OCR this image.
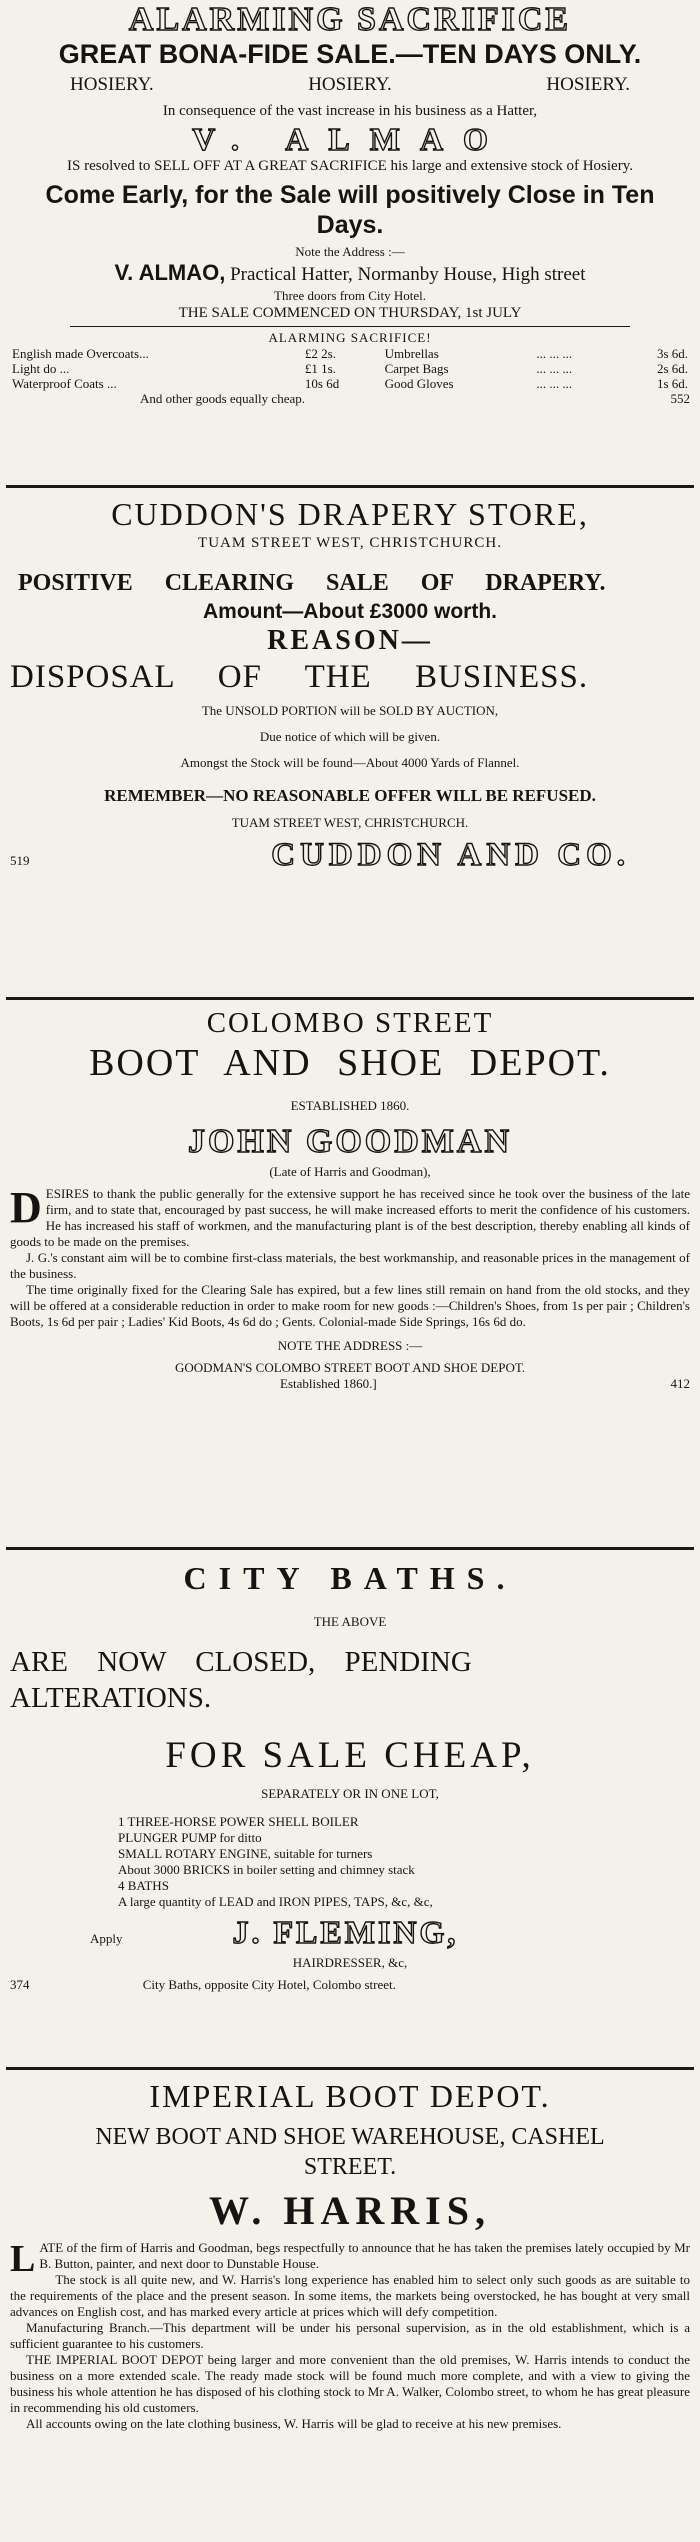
ALARMING SACRIFICE
GREAT BONA-FIDE SALE.—TEN DAYS ONLY.
HOSIERY.	HOSIERY.	HOSIERY.
In consequence of the vast increase in his business as a Hatter,
V. ALMAO
IS resolved to SELL OFF AT A GREAT SACRIFICE his large and extensive stock of Hosiery.
Come Early, for the Sale will positively Close in Ten Days.
Note the Address :—
V. ALMAO, Practical Hatter, Normanby House, High street
Three doors from City Hotel.
THE SALE COMMENCED ON THURSDAY, 1st JULY
ALARMING SACRIFICE!
English made Overcoats...	£2 2s.	Umbrellas	... ... ...	3s 6d.
Light do ...	£1 1s.	Carpet Bags	... ... ...	2s 6d.
Waterproof Coats ...	10s 6d	Good Gloves	... ... ...	1s 6d.
And other goods equally cheap.	552
CUDDON'S DRAPERY STORE,
TUAM STREET WEST, CHRISTCHURCH.
POSITIVE CLEARING SALE OF DRAPERY.
Amount—About £3000 worth.
REASON—
DISPOSAL OF THE BUSINESS.
The UNSOLD PORTION will be SOLD BY AUCTION,
Due notice of which will be given.
Amongst the Stock will be found—About 4000 Yards of Flannel.
REMEMBER—NO REASONABLE OFFER WILL BE REFUSED.
TUAM STREET WEST, CHRISTCHURCH.
519	CUDDON AND CO.
COLOMBO STREET
BOOT AND SHOE DEPOT.
ESTABLISHED 1860.
JOHN GOODMAN
(Late of Harris and Goodman),
D ESIRES to thank the public generally for the extensive support he has received since he took over the business of the late firm, and to state that, encouraged by past success, he will make increased efforts to merit the confidence of his customers. He has increased his staff of workmen, and the manufacturing plant is of the best description, thereby enabling all kinds of goods to be made on the premises.
J. G.'s constant aim will be to combine first-class materials, the best workmanship, and reasonable prices in the management of the business.
The time originally fixed for the Clearing Sale has expired, but a few lines still remain on hand from the old stocks, and they will be offered at a considerable reduction in order to make room for new goods :—Children's Shoes, from 1s per pair ; Children's Boots, 1s 6d per pair ; Ladies' Kid Boots, 4s 6d do ; Gents. Colonial-made Side Springs, 16s 6d do.
NOTE THE ADDRESS :—
GOODMAN'S COLOMBO STREET BOOT AND SHOE DEPOT.
Established 1860.]	412
CITY BATHS.
THE ABOVE
ARE NOW CLOSED, PENDING ALTERATIONS.
FOR SALE CHEAP,
SEPARATELY OR IN ONE LOT,
1 THREE-HORSE POWER SHELL BOILER
PLUNGER PUMP for ditto
SMALL ROTARY ENGINE, suitable for turners
About 3000 BRICKS in boiler setting and chimney stack
4 BATHS
A large quantity of LEAD and IRON PIPES, TAPS, &c, &c,
Apply	J. FLEMING,
HAIRDRESSER, &c,
374	City Baths, opposite City Hotel, Colombo street.
IMPERIAL BOOT DEPOT.
NEW BOOT AND SHOE WAREHOUSE, CASHEL STREET.
W. HARRIS,
L ATE of the firm of Harris and Goodman, begs respectfully to announce that he has taken the premises lately occupied by Mr B. Button, painter, and next door to Dunstable House.
The stock is all quite new, and W. Harris's long experience has enabled him to select only such goods as are suitable to the requirements of the place and the present season. In some items, the markets being overstocked, he has bought at very small advances on English cost, and has marked every article at prices which will defy competition.
Manufacturing Branch.—This department will be under his personal supervision, as in the old establishment, which is a sufficient guarantee to his customers.
THE IMPERIAL BOOT DEPOT being larger and more convenient than the old premises, W. Harris intends to conduct the business on a more extended scale. The ready made stock will be found much more complete, and with a view to giving the business his whole attention he has disposed of his clothing stock to Mr A. Walker, Colombo street, to whom he has great pleasure in recommending his old customers.
All accounts owing on the late clothing business, W. Harris will be glad to receive at his new premises.
